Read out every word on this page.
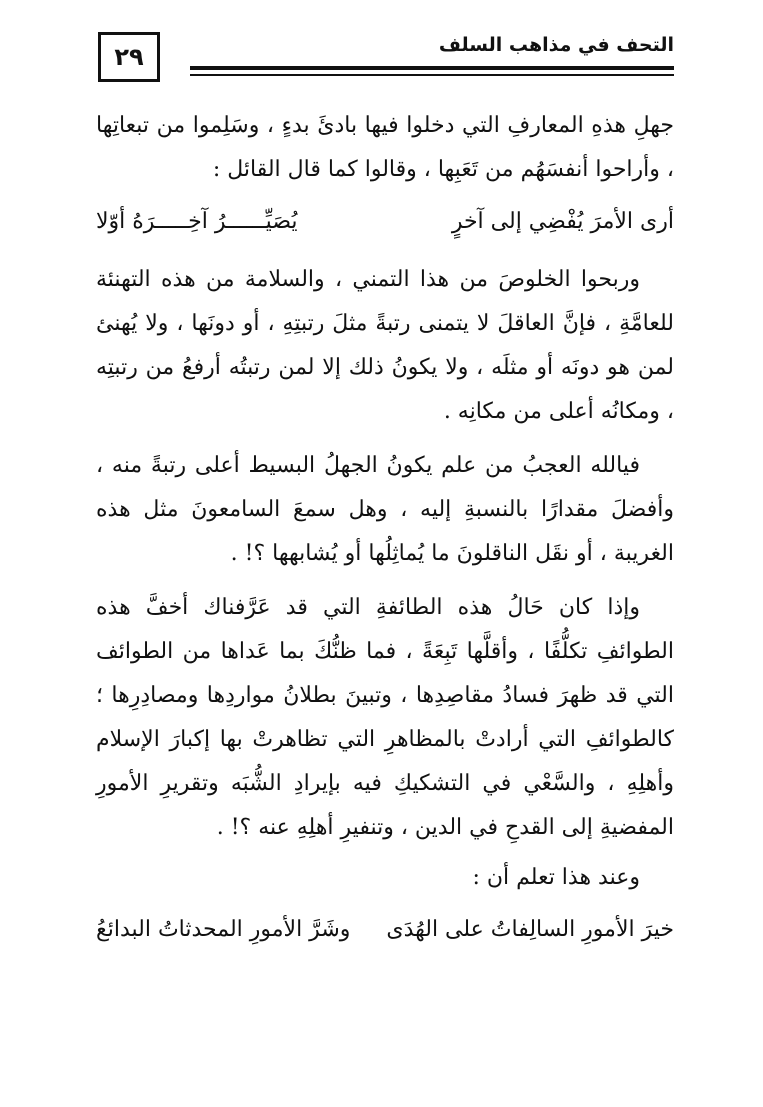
٢٩	التحف في مذاهب السلف

جهلِ هذهِ المعارفِ التي دخلوا فيها بادئَ بدءٍ ، وسَلِموا من تبعاتِها ، وأراحوا أنفسَهُم من تَعَبِها ، وقالوا كما قال القائل :

أرى الأمرَ يُفْضِي إلى آخرٍ
يُصَيِّــــــرُ آخِـــــرَهُ أوّلا

وربحوا الخلوصَ من هذا التمني ، والسلامة من هذه التهنئة للعامَّةِ ، فإنَّ العاقلَ لا يتمنى رتبةً مثلَ رتبتِهِ ، أو دونَها ، ولا يُهنئ لمن هو دونَه أو مثلَه ، ولا يكونُ ذلك إلا لمن رتبتُه أرفعُ من رتبتِه ، ومكانُه أعلى من مكانِه .

فيالله العجبُ من علم يكونُ الجهلُ البسيط أعلى رتبةً منه ، وأفضلَ مقدارًا بالنسبةِ إليه ، وهل سمعَ السامعونَ مثل هذه الغريبة ، أو نقَل الناقلونَ ما يُماثِلُها أو يُشابهها ؟! .

وإذا كان حَالُ هذه الطائفةِ التي قد عَرَّفناك أخفَّ هذه الطوائفِ تكلُّفًا ، وأقلَّها تَبِعَةً ، فما ظنُّكَ بما عَداها من الطوائف التي قد ظهرَ فسادُ مقاصِدِها ، وتبينَ بطلانُ مواردِها ومصادِرِها ؛ كالطوائفِ التي أرادتْ بالمظاهرِ التي تظاهرتْ بها إكبارَ الإسلام وأهلِهِ ، والسَّعْي في التشكيكِ فيه بإيرادِ الشُّبَه وتقريرِ الأمورِ المفضيةِ إلى القدحِ في الدين ، وتنفيرِ أهلِهِ عنه ؟! .

وعند هذا تعلم أن :
خيرَ الأمورِ السالِفاتُ على الهُدَى
وشَرَّ الأمورِ المحدثاتُ البدائعُ
